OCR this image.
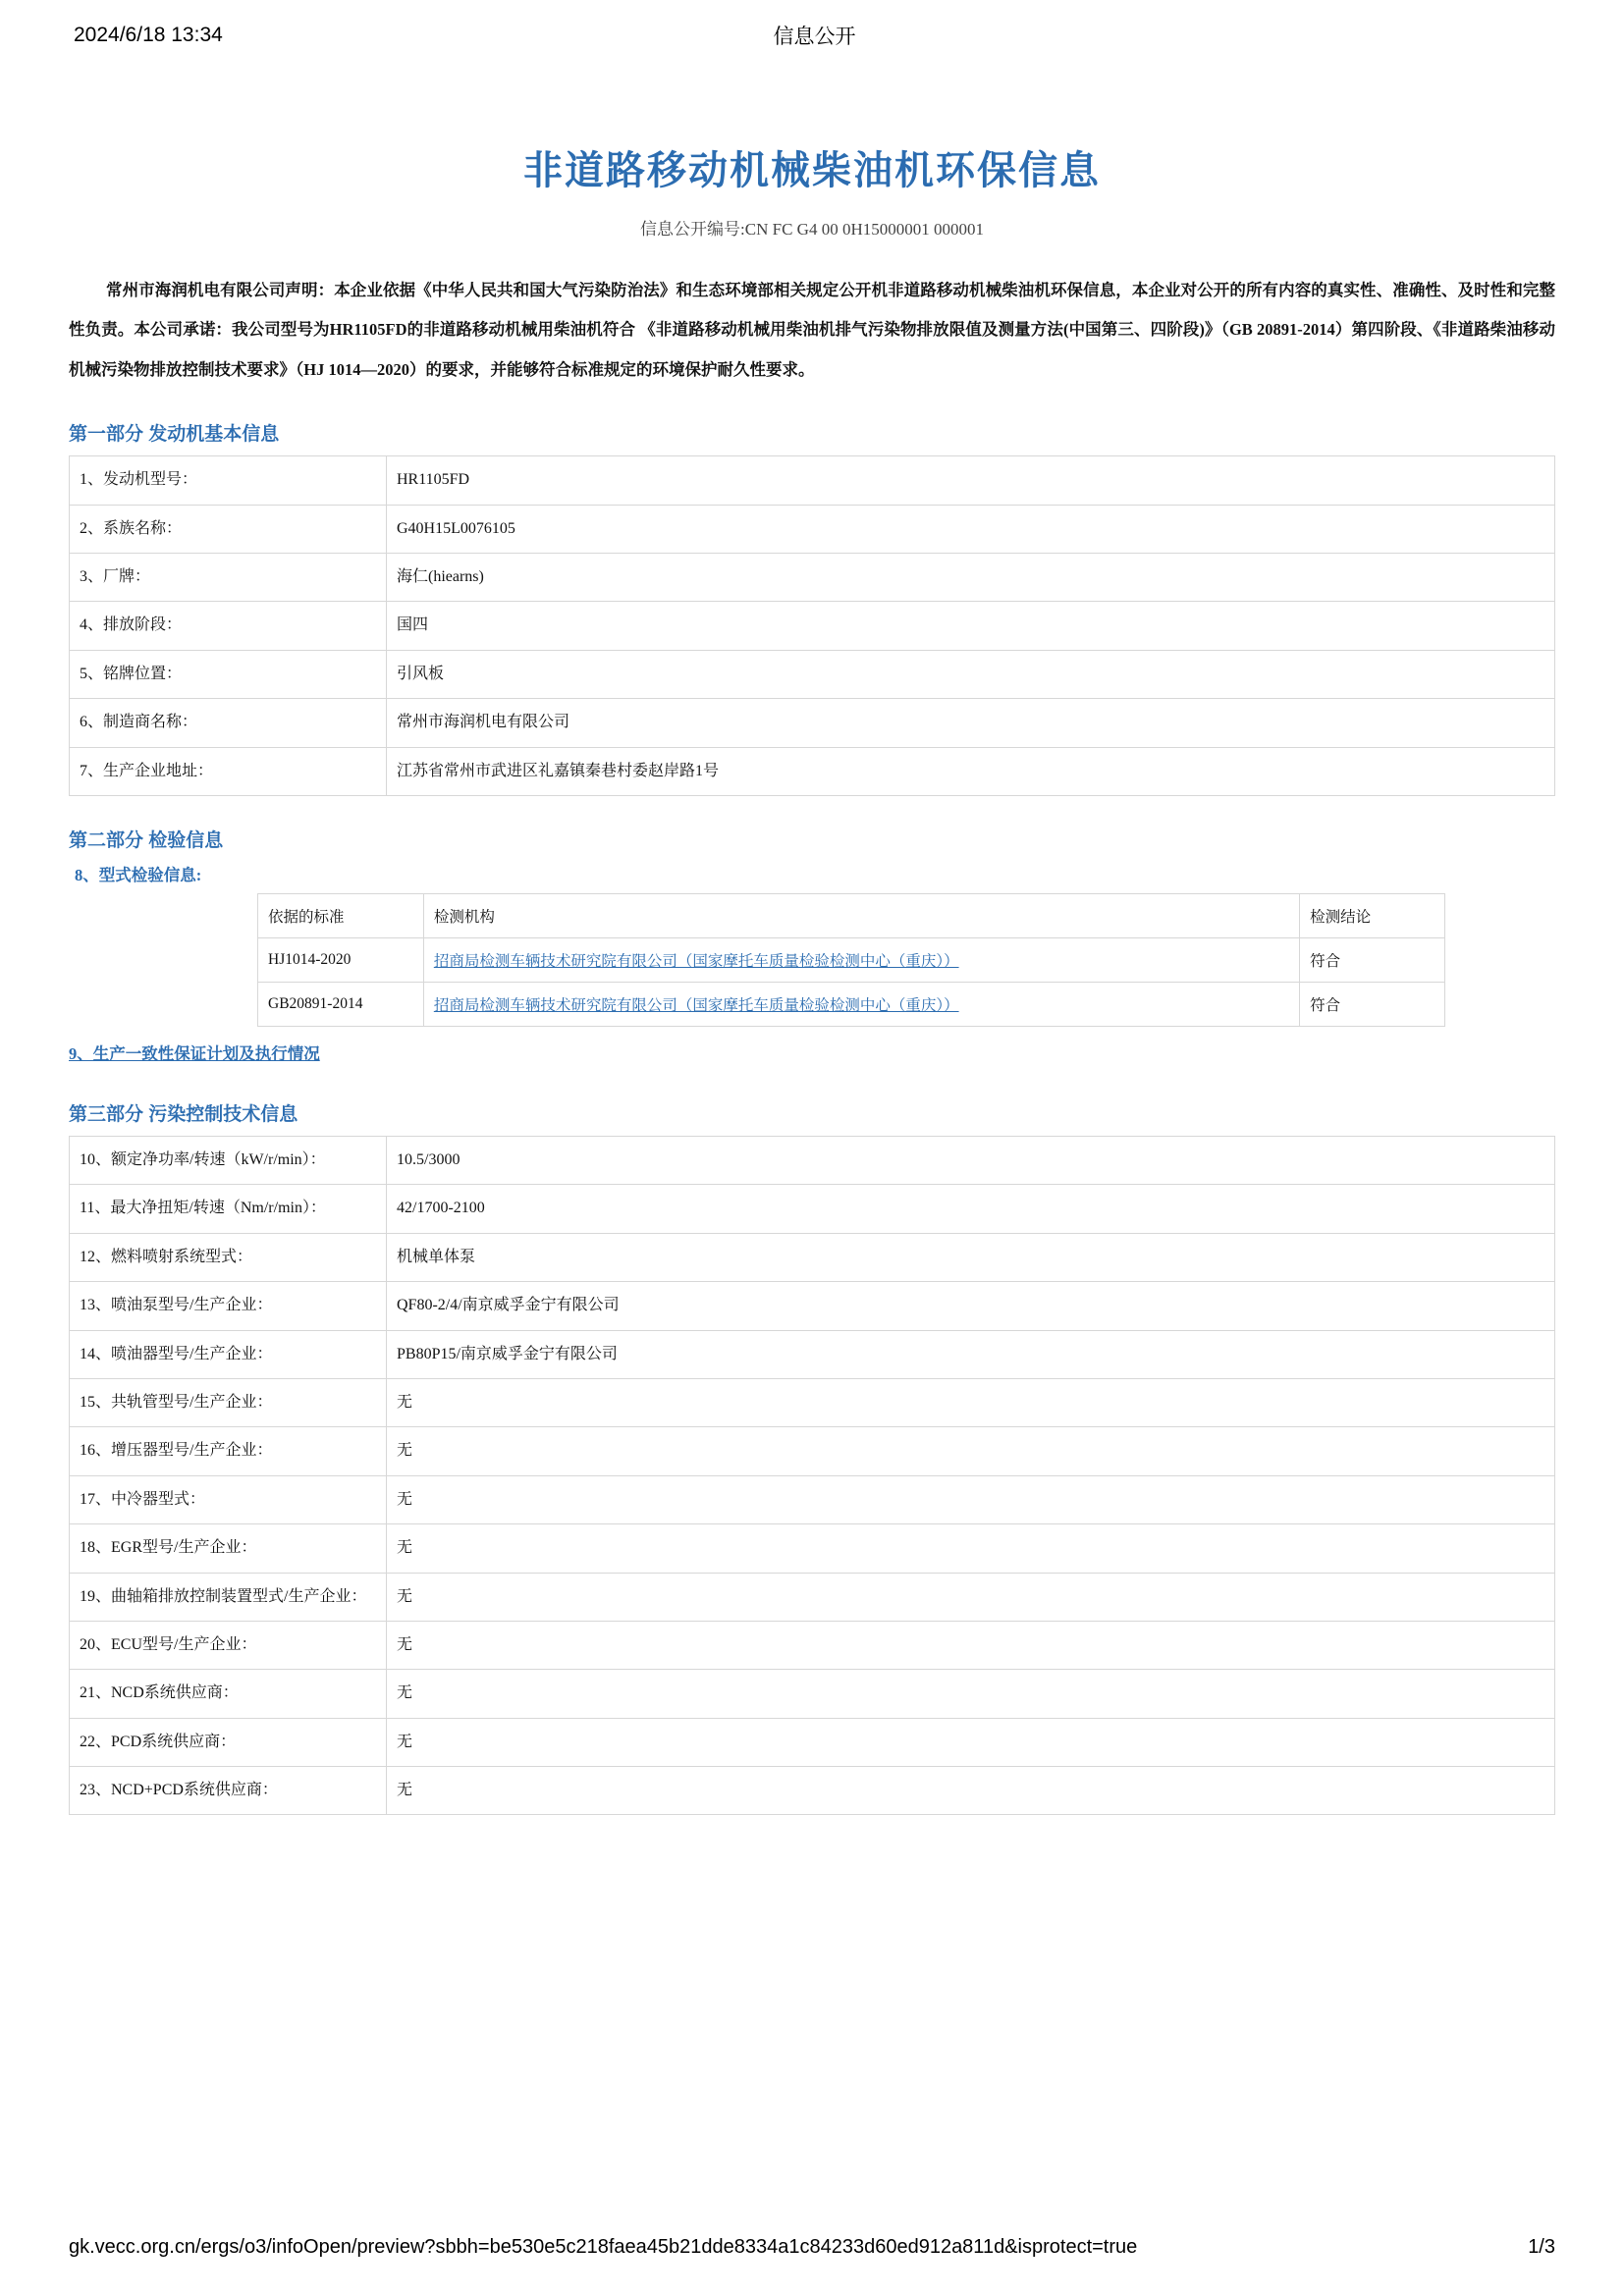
2024/6/18 13:34	信息公开
非道路移动机械柴油机环保信息
信息公开编号:CN FC G4 00 0H15000001 000001
常州市海润机电有限公司声明：本企业依据《中华人民共和国大气污染防治法》和生态环境部相关规定公开机非道路移动机械柴油机环保信息，本企业对公开的所有内容的真实性、准确性、及时性和完整性负责。本公司承诺：我公司型号为HR1105FD的非道路移动机械用柴油机符合 《非道路移动机械用柴油机排气污染物排放限值及测量方法(中国第三、四阶段)》（GB 20891-2014）第四阶段、《非道路柴油移动机械污染物排放控制技术要求》（HJ 1014—2020）的要求，并能够符合标准规定的环境保护耐久性要求。
第一部分 发动机基本信息
1、发动机型号：	HR1105FD
2、系族名称：	G40H15L0076105
3、厂牌：	海仁(hiearns)
4、排放阶段：	国四
5、铭牌位置：	引风板
6、制造商名称：	常州市海润机电有限公司
7、生产企业地址：	江苏省常州市武进区礼嘉镇秦巷村委赵岸路1号
第二部分 检验信息
8、型式检验信息:
依据的标准	检测机构	检测结论
HJ1014-2020	招商局检测车辆技术研究院有限公司（国家摩托车质量检验检测中心（重庆））	符合
GB20891-2014	招商局检测车辆技术研究院有限公司（国家摩托车质量检验检测中心（重庆））	符合
9、生产一致性保证计划及执行情况
第三部分 污染控制技术信息
10、额定净功率/转速（kW/r/min）：	10.5/3000
11、最大净扭矩/转速（Nm/r/min）：	42/1700-2100
12、燃料喷射系统型式：	机械单体泵
13、喷油泵型号/生产企业：	QF80-2/4/南京威孚金宁有限公司
14、喷油器型号/生产企业：	PB80P15/南京威孚金宁有限公司
15、共轨管型号/生产企业：	无
16、增压器型号/生产企业：	无
17、中冷器型式：	无
18、EGR型号/生产企业：	无
19、曲轴箱排放控制装置型式/生产企业：	无
20、ECU型号/生产企业：	无
21、NCD系统供应商：	无
22、PCD系统供应商：	无
23、NCD+PCD系统供应商：	无
gk.vecc.org.cn/ergs/o3/infoOpen/preview?sbbh=be530e5c218faea45b21dde8334a1c84233d60ed912a811d&isprotect=true	1/3
